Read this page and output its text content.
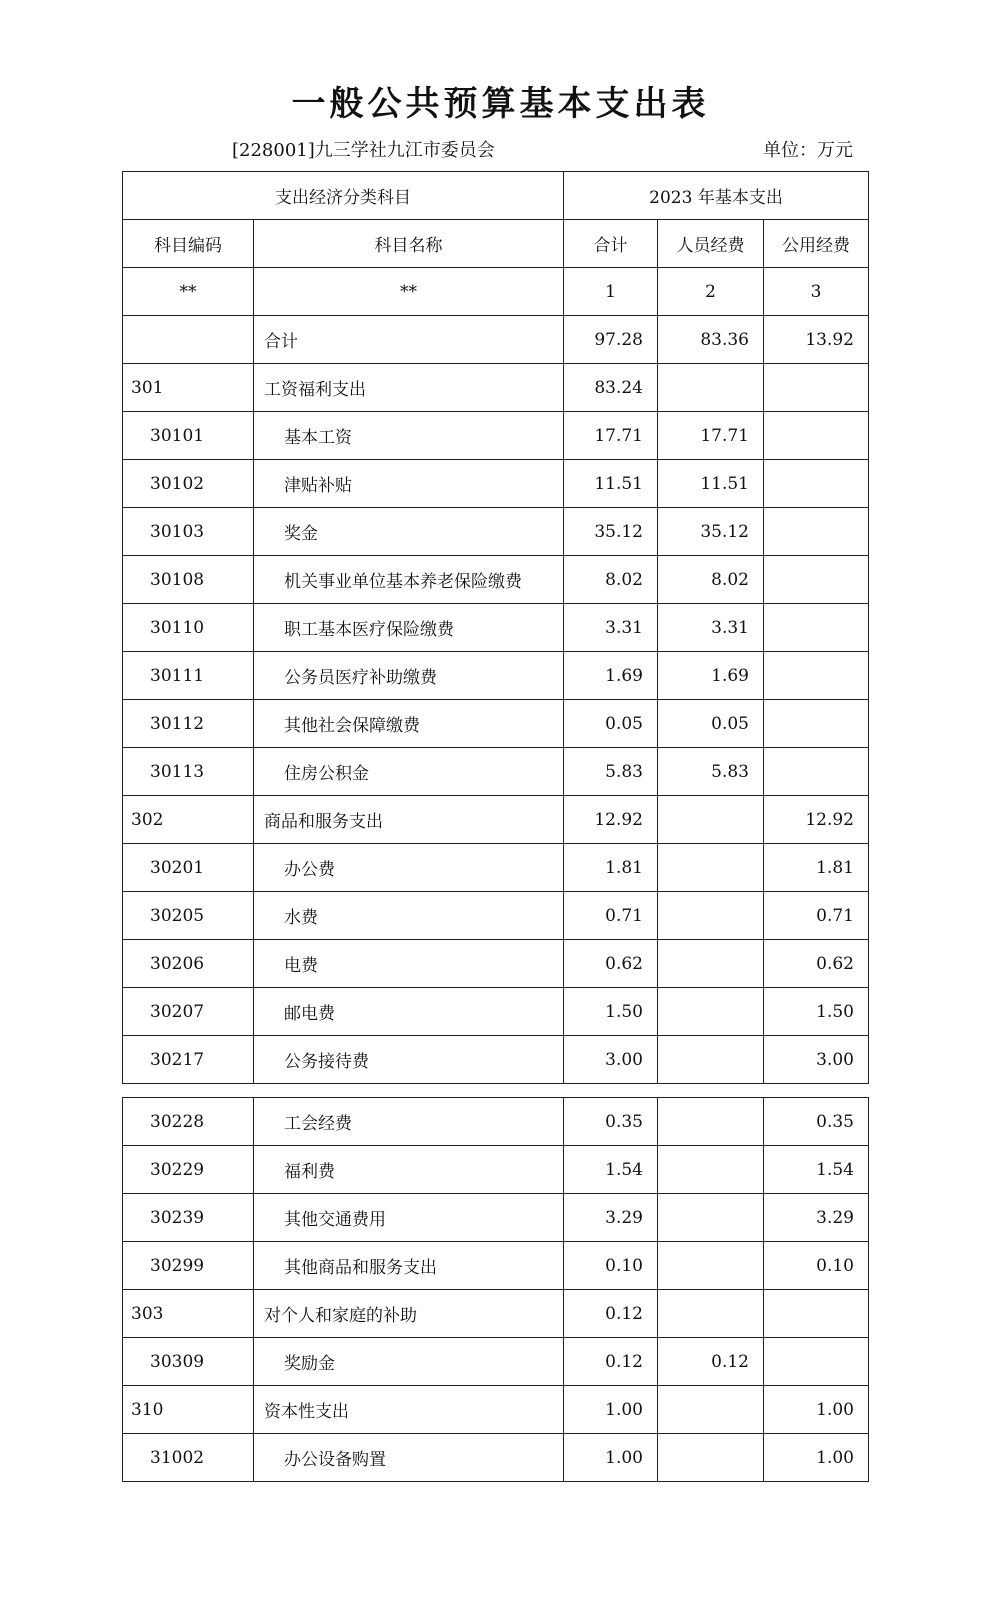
一般公共预算基本支出表
[228001]九三学社九江市委员会	单位：万元
支出经济分类科目		2023 年基本支出		
科目编码	科目名称	合计	人员经费	公用经费
**	**	1	2	3
	合计	97.28	83.36	13.92
301	工资福利支出	83.24		
30101	基本工资	17.71	17.71	
30102	津贴补贴	11.51	11.51	
30103	奖金	35.12	35.12	
30108	机关事业单位基本养老保险缴费	8.02	8.02	
30110	职工基本医疗保险缴费	3.31	3.31	
30111	公务员医疗补助缴费	1.69	1.69	
30112	其他社会保障缴费	0.05	0.05	
30113	住房公积金	5.83	5.83	
302	商品和服务支出	12.92		12.92
30201	办公费	1.81		1.81
30205	水费	0.71		0.71
30206	电费	0.62		0.62
30207	邮电费	1.50		1.50
30217	公务接待费	3.00		3.00
30228	工会经费	0.35		0.35
30229	福利费	1.54		1.54
30239	其他交通费用	3.29		3.29
30299	其他商品和服务支出	0.10		0.10
303	对个人和家庭的补助	0.12		
30309	奖励金	0.12	0.12	
310	资本性支出	1.00		1.00
31002	办公设备购置	1.00		1.00
